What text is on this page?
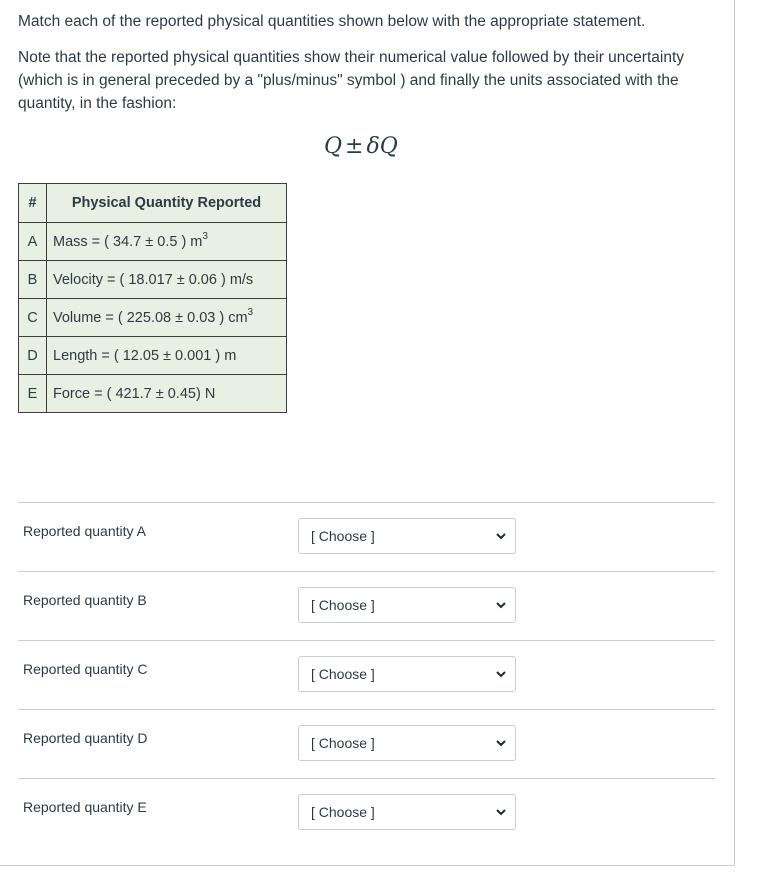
Match each of the reported physical quantities shown below with the appropriate statement.

Note that the reported physical quantities show their numerical value followed by their uncertainty (which is in general preceded by a "plus/minus" symbol ) and finally the units associated with the quantity, in the fashion:

Q ± δQ
#	Physical Quantity Reported
A	Mass = ( 34.7 ± 0.5 ) $m^3$
B	Velocity = ( 18.017 ± 0.06 ) m/s
C	Volume = ( 225.08 ± 0.03 ) $cm^3$
D	Length = ( 12.05 ± 0.001 ) m
E	Force = ( 421.7 ± 0.45) N
Reported quantity A	[ Choose ]
Reported quantity B	[ Choose ]
Reported quantity C	[ Choose ]
Reported quantity D	[ Choose ]
Reported quantity E	[ Choose ]
